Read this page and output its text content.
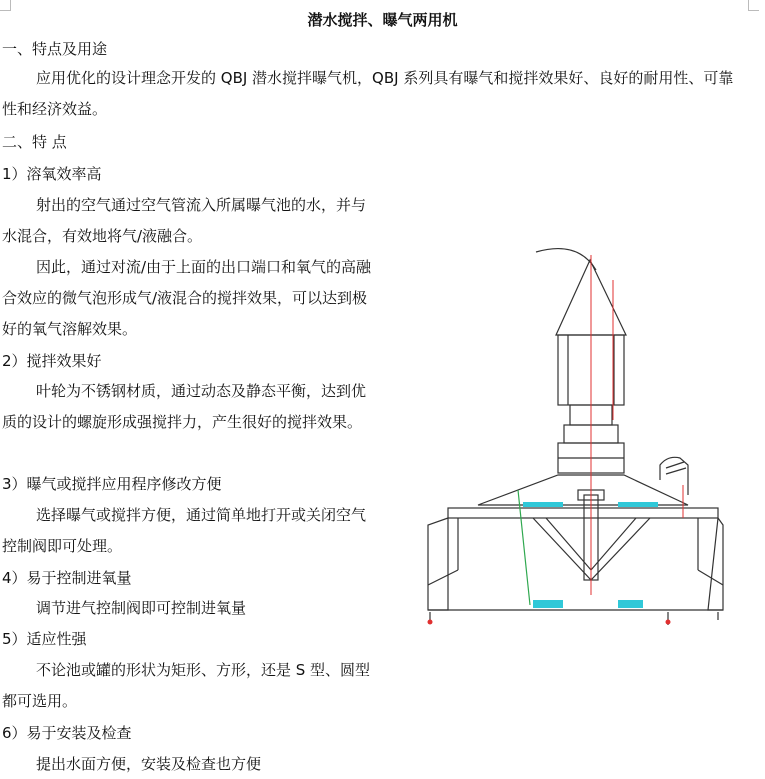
潜水搅拌、曝气两用机
一、特点及用途
应用优化的设计理念开发的 QBJ 潜水搅拌曝气机，QBJ 系列具有曝气和搅拌效果好、良好的耐用性、可靠性和经济效益。
二、特 点
1）溶氧效率高
射出的空气通过空气管流入所属曝气池的水，并与水混合，有效地将气/液融合。
因此，通过对流/由于上面的出口端口和氧气的高融合效应的微气泡形成气/液混合的搅拌效果，可以达到极好的氧气溶解效果。
2）搅拌效果好
叶轮为不锈钢材质，通过动态及静态平衡，达到优质的设计的螺旋形成强搅拌力，产生很好的搅拌效果。
3）曝气或搅拌应用程序修改方便
选择曝气或搅拌方便，通过简单地打开或关闭空气控制阀即可处理。
4）易于控制进氧量
调节进气控制阀即可控制进氧量
5）适应性强
不论池或罐的形状为矩形、方形，还是 S 型、圆型都可选用。
6）易于安装及检查
提出水面方便，安装及检查也方便
